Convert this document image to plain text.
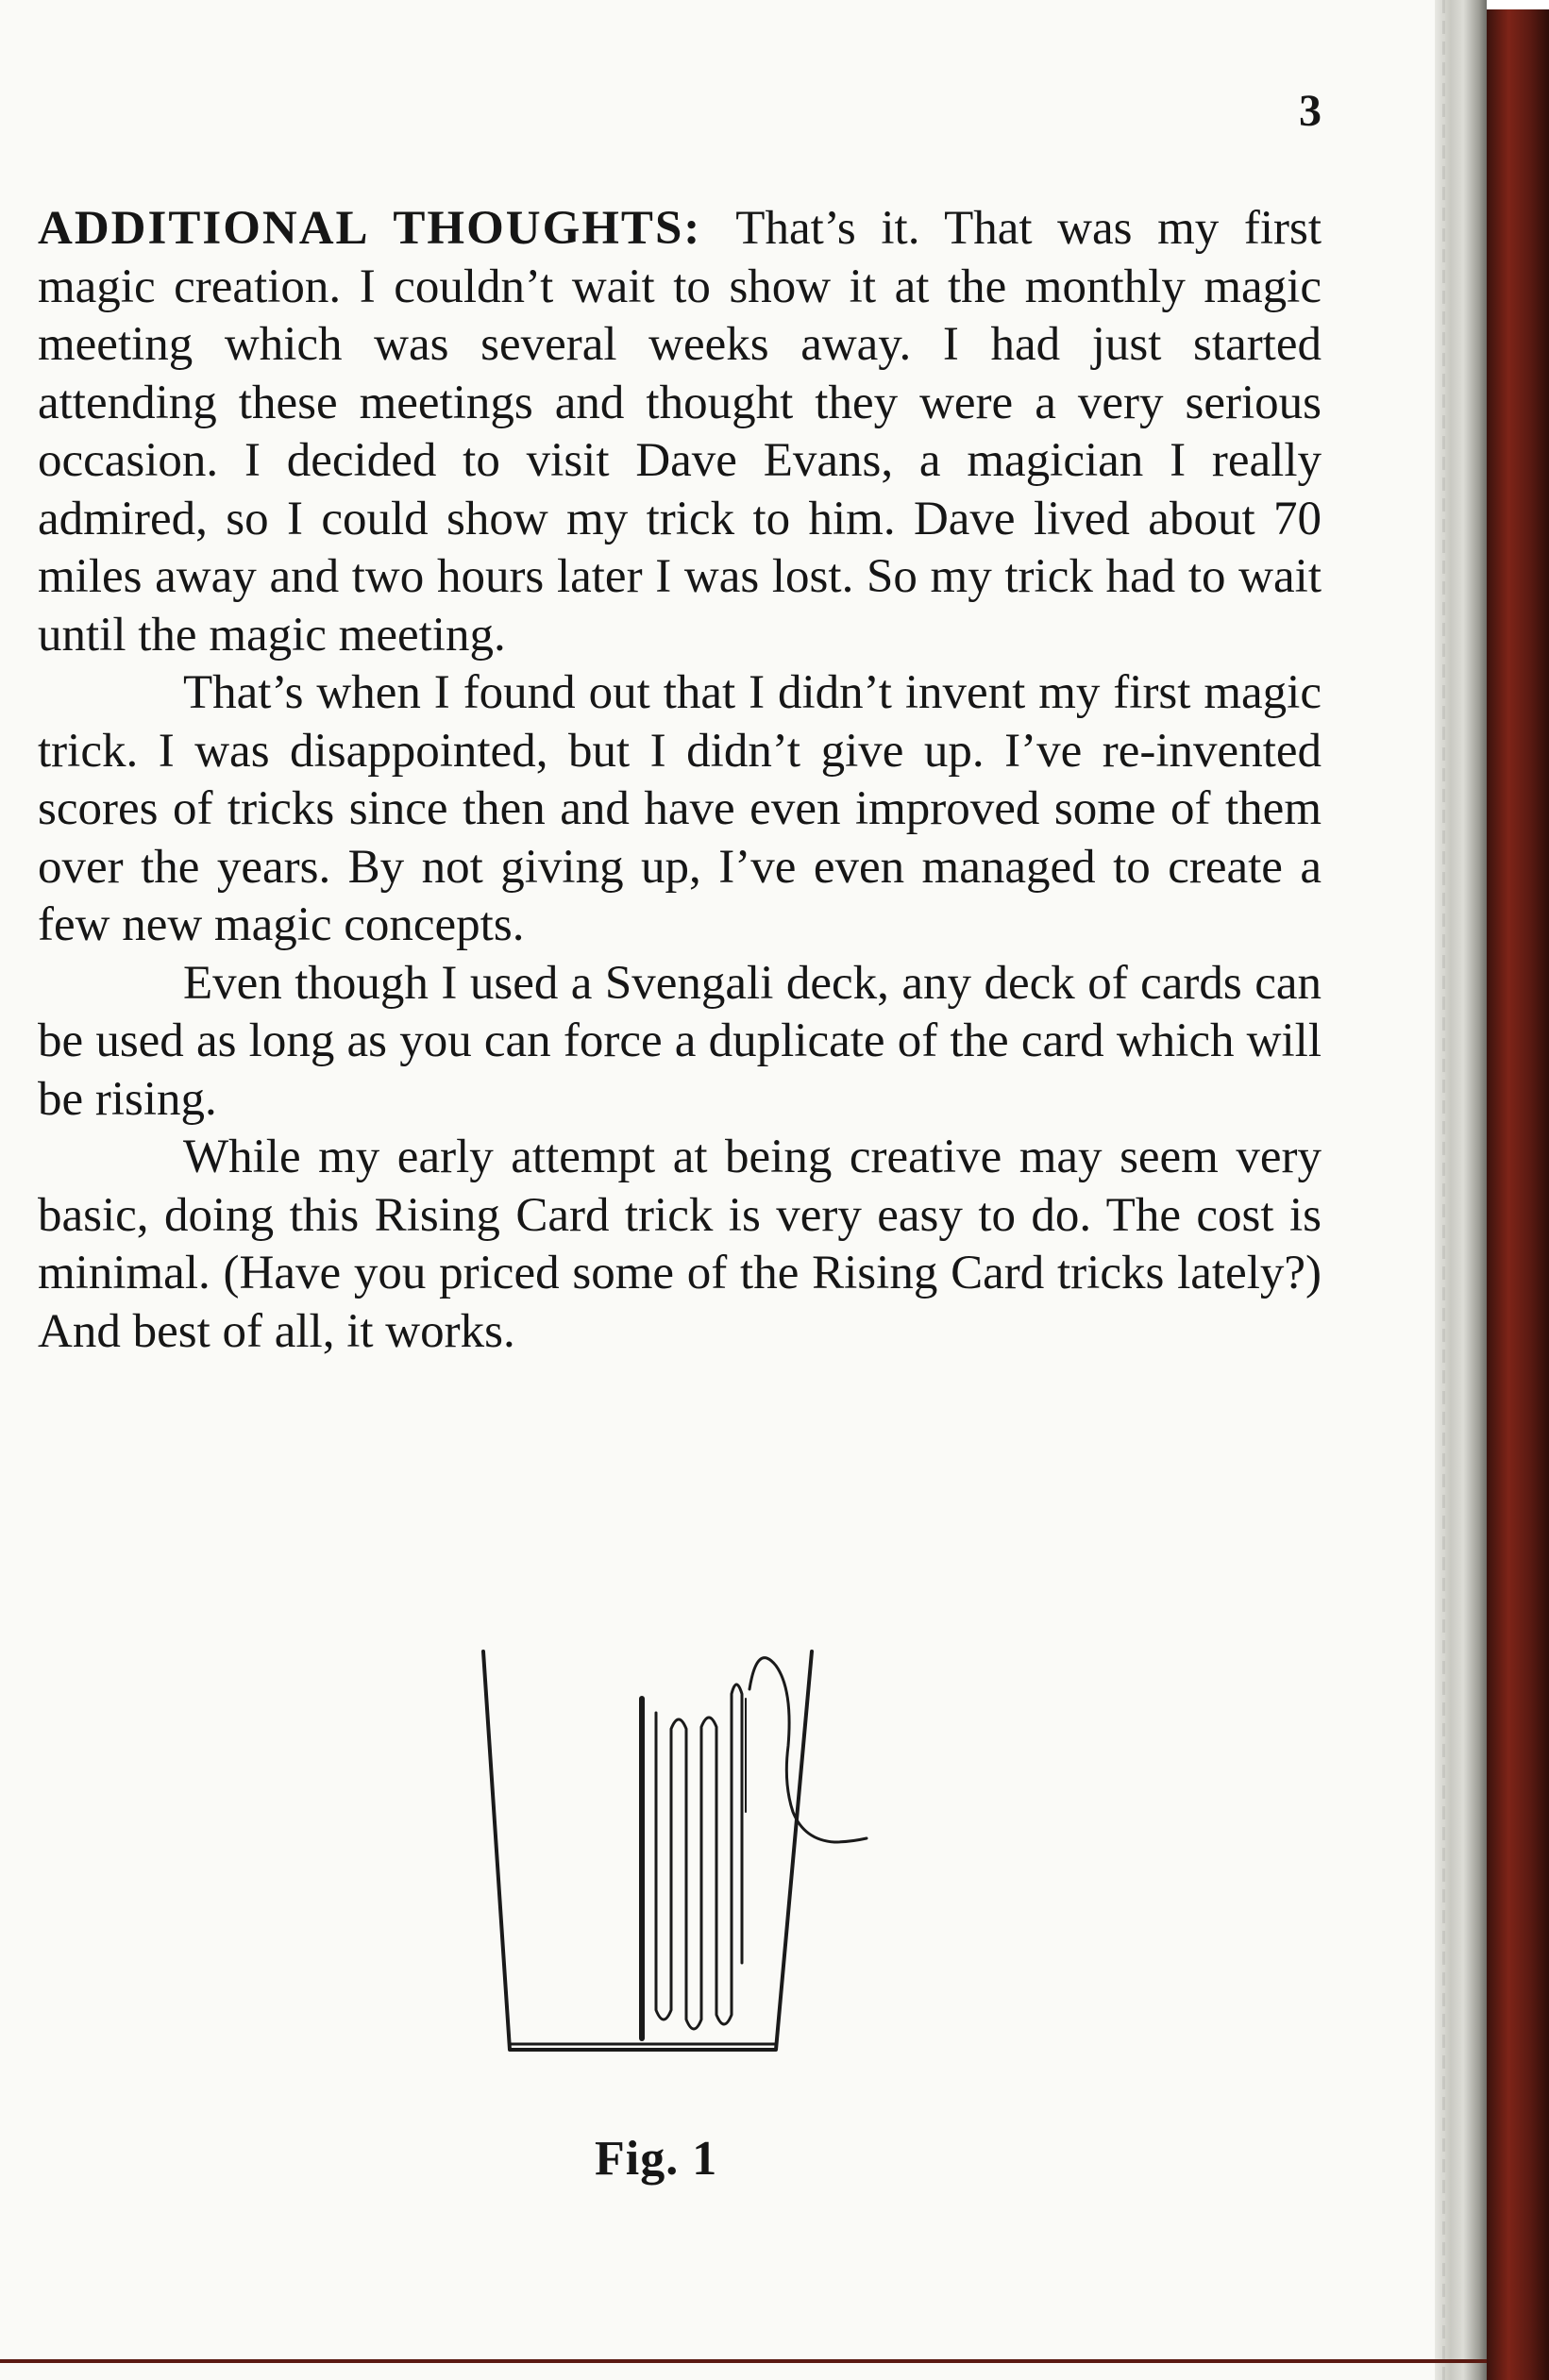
3

ADDITIONAL THOUGHTS: That’s it. That was my first magic creation. I couldn’t wait to show it at the monthly magic meeting which was several weeks away. I had just started attending these meetings and thought they were a very serious occasion. I decided to visit Dave Evans, a magician I really admired, so I could show my trick to him. Dave lived about 70 miles away and two hours later I was lost. So my trick had to wait until the magic meeting.

That’s when I found out that I didn’t invent my first magic trick. I was disappointed, but I didn’t give up. I’ve re-invented scores of tricks since then and have even improved some of them over the years. By not giving up, I’ve even managed to create a few new magic concepts.

Even though I used a Svengali deck, any deck of cards can be used as long as you can force a duplicate of the card which will be rising.

While my early attempt at being creative may seem very basic, doing this Rising Card trick is very easy to do. The cost is minimal. (Have you priced some of the Rising Card tricks lately?) And best of all, it works.

Fig. 1
